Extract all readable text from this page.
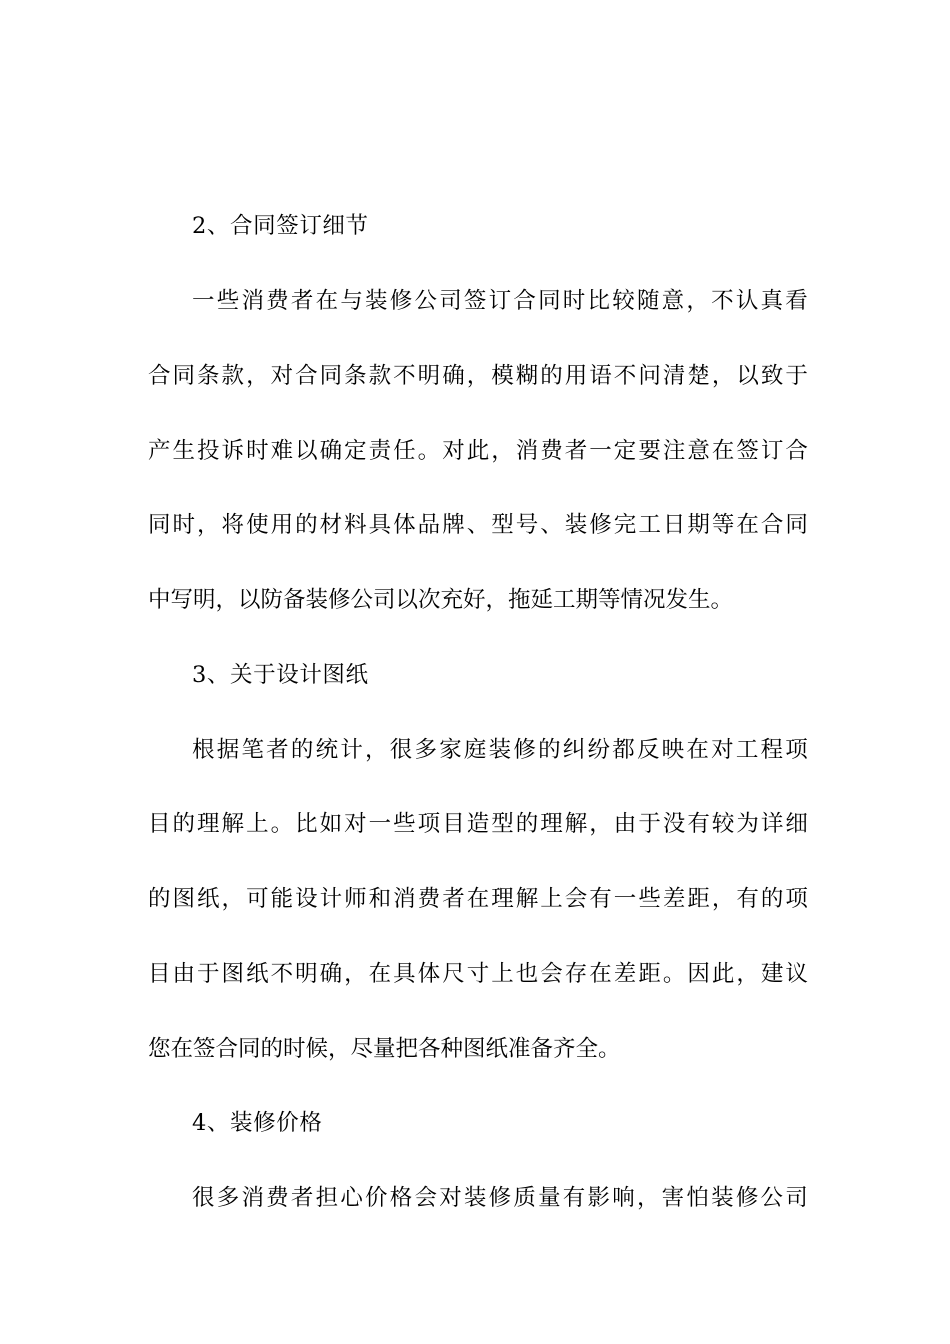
2、合同签订细节
一 些 消 费 者 在 与 装 修 公 司 签 订 合 同 时 比 较 随 意 ， 不 认 真 看
合 同 条 款 ， 对 合 同 条 款 不 明 确 ， 模 糊 的 用 语 不 问 清 楚 ， 以 致 于
产 生 投 诉 时 难 以 确 定 责 任 。 对 此 ， 消 费 者 一 定 要 注 意 在 签 订 合
同 时 ， 将 使 用 的 材 料 具 体 品 牌 、 型 号 、 装 修 完 工 日 期 等 在 合 同
中写明，以防备装修公司以次充好，拖延工期等情况发生。
3、关于设计图纸
根 据 笔 者 的 统 计 ， 很 多 家 庭 装 修 的 纠 纷 都 反 映 在 对 工 程 项
目 的 理 解 上 。 比 如 对 一 些 项 目 造 型 的 理 解 ， 由 于 没 有 较 为 详 细
的 图 纸 ， 可 能 设 计 师 和 消 费 者 在 理 解 上 会 有 一 些 差 距 ， 有 的 项
目 由 于 图 纸 不 明 确 ， 在 具 体 尺 寸 上 也 会 存 在 差 距 。 因 此 ， 建 议
您在签合同的时候，尽量把各种图纸准备齐全。
4、装修价格
很 多 消 费 者 担 心 价 格 会 对 装 修 质 量 有 影 响 ， 害 怕 装 修 公 司
